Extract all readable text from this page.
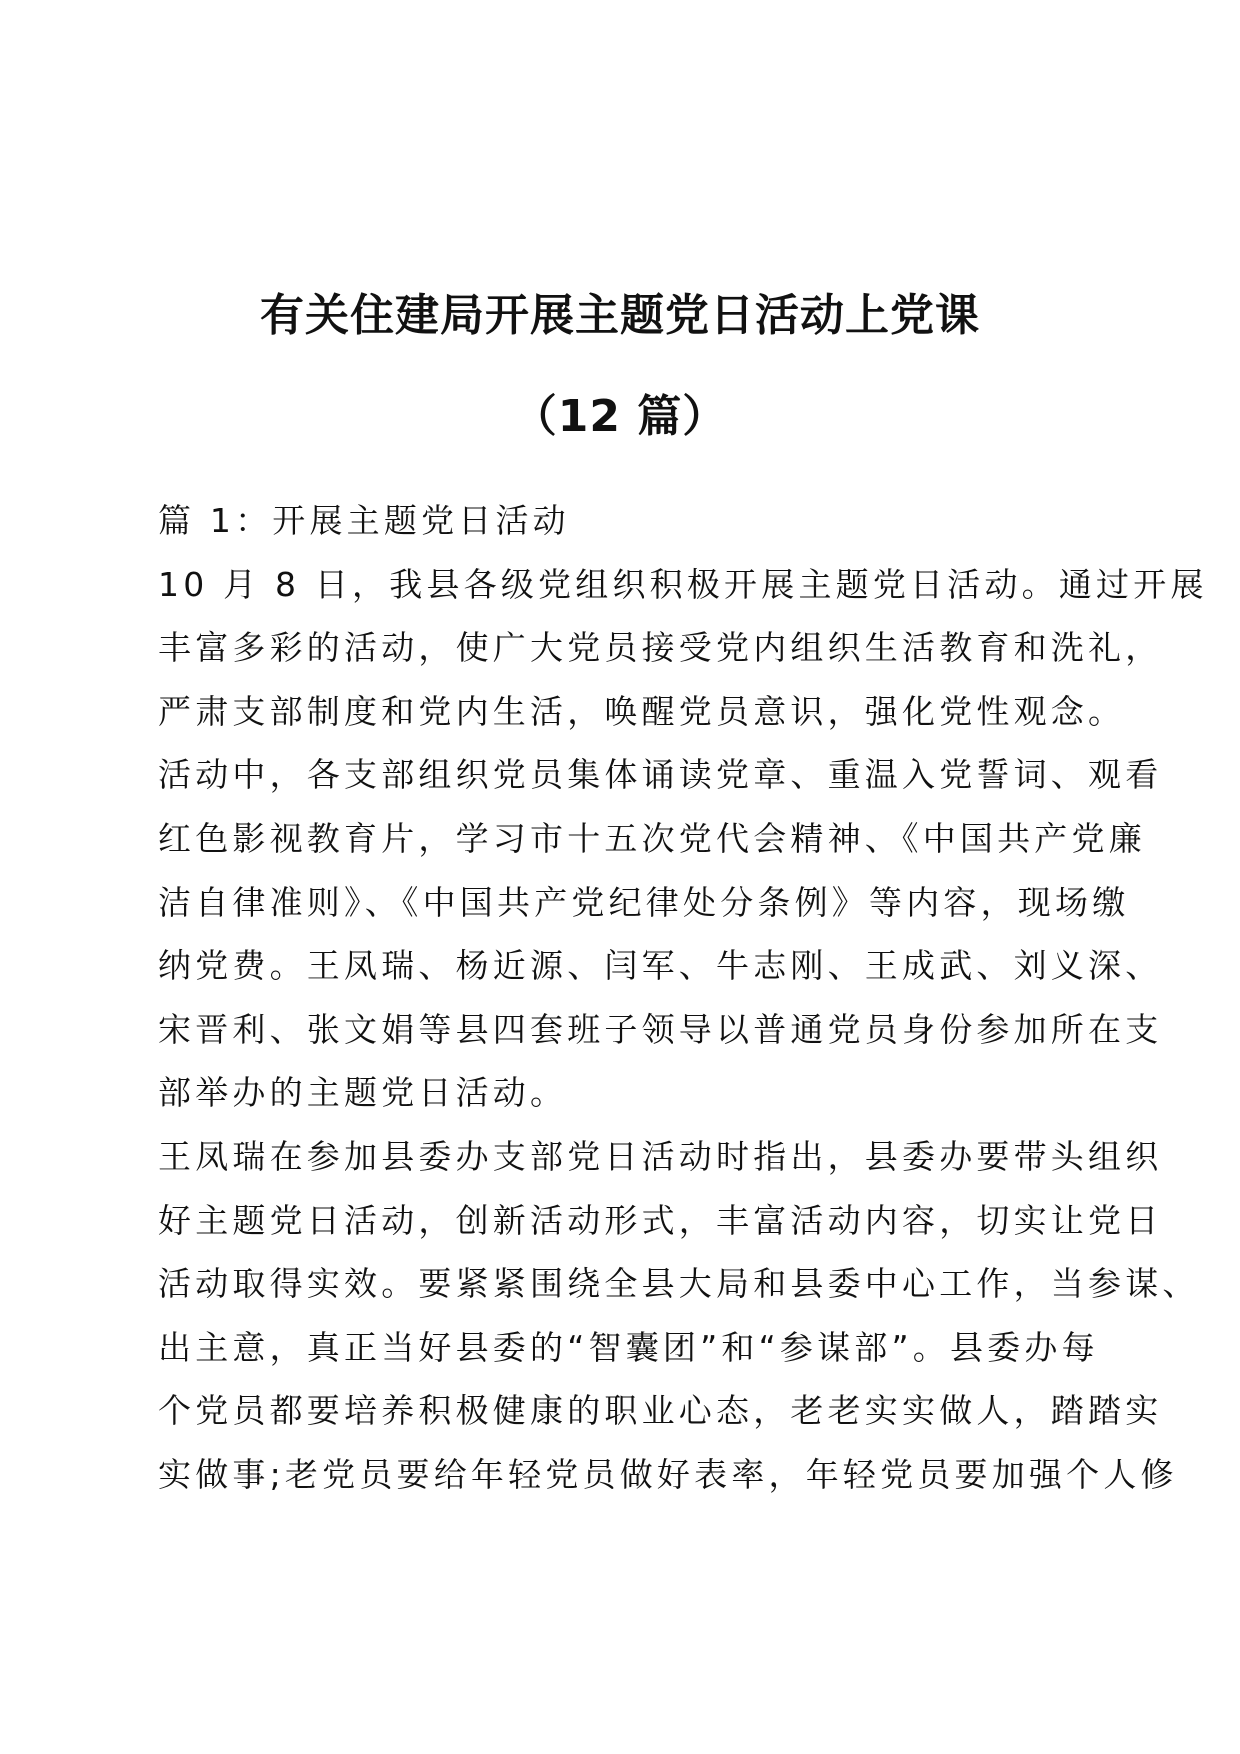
有关住建局开展主题党日活动上党课
（12 篇）

篇 1：开展主题党日活动

10 月 8 日，我县各级党组织积极开展主题党日活动。通过开展

丰富多彩的活动，使广大党员接受党内组织生活教育和洗礼，

严肃支部制度和党内生活，唤醒党员意识，强化党性观念。

活动中，各支部组织党员集体诵读党章、重温入党誓词、观看

红色影视教育片，学习市十五次党代会精神、《中国共产党廉

洁自律准则》、《中国共产党纪律处分条例》等内容，现场缴

纳党费。王凤瑞、杨近源、闫军、牛志刚、王成武、刘义深、

宋晋利、张文娟等县四套班子领导以普通党员身份参加所在支

部举办的主题党日活动。

王凤瑞在参加县委办支部党日活动时指出，县委办要带头组织

好主题党日活动，创新活动形式，丰富活动内容，切实让党日

活动取得实效。要紧紧围绕全县大局和县委中心工作，当参谋、

出主意，真正当好县委的“智囊团”和“参谋部”。县委办每

个党员都要培养积极健康的职业心态，老老实实做人，踏踏实

实做事;老党员要给年轻党员做好表率，年轻党员要加强个人修
